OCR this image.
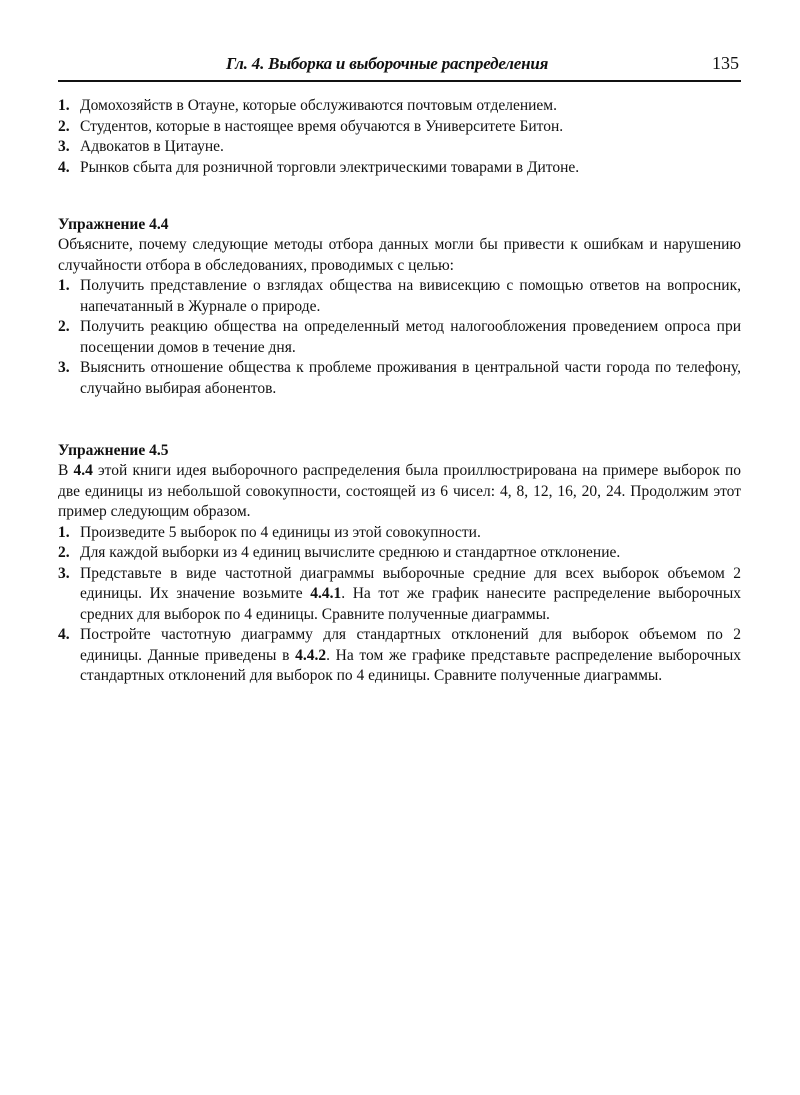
Гл. 4. Выборка и выборочные распределения	135
1. Домохозяйств в Отауне, которые обслуживаются почтовым отделением.
2. Студентов, которые в настоящее время обучаются в Университете Битон.
3. Адвокатов в Цитауне.
4. Рынков сбыта для розничной торговли электрическими товарами в Дитоне.
Упражнение 4.4

Объясните, почему следующие методы отбора данных могли бы привести к ошибкам и нарушению случайности отбора в обследованиях, проводимых с целью:

1. Получить представление о взглядах общества на вивисекцию с помощью ответов на вопросник, напечатанный в Журнале о природе.
2. Получить реакцию общества на определенный метод налогообложения проведением опроса при посещении домов в течение дня.
3. Выяснить отношение общества к проблеме проживания в центральной части города по телефону, случайно выбирая абонентов.
Упражнение 4.5

В 4.4 этой книги идея выборочного распределения была проиллюстрирована на примере выборок по две единицы из небольшой совокупности, состоящей из 6 чисел: 4, 8, 12, 16, 20, 24. Продолжим этот пример следующим образом.

1. Произведите 5 выборок по 4 единицы из этой совокупности.
2. Для каждой выборки из 4 единиц вычислите среднюю и стандартное отклонение.
3. Представьте в виде частотной диаграммы выборочные средние для всех выборок объемом 2 единицы. Их значение возьмите 4.4.1. На тот же график нанесите распределение выборочных средних для выборок по 4 единицы. Сравните полученные диаграммы.
4. Постройте частотную диаграмму для стандартных отклонений для выборок объемом по 2 единицы. Данные приведены в 4.4.2. На том же графике представьте распределение выборочных стандартных отклонений для выборок по 4 единицы. Сравните полученные диаграммы.
